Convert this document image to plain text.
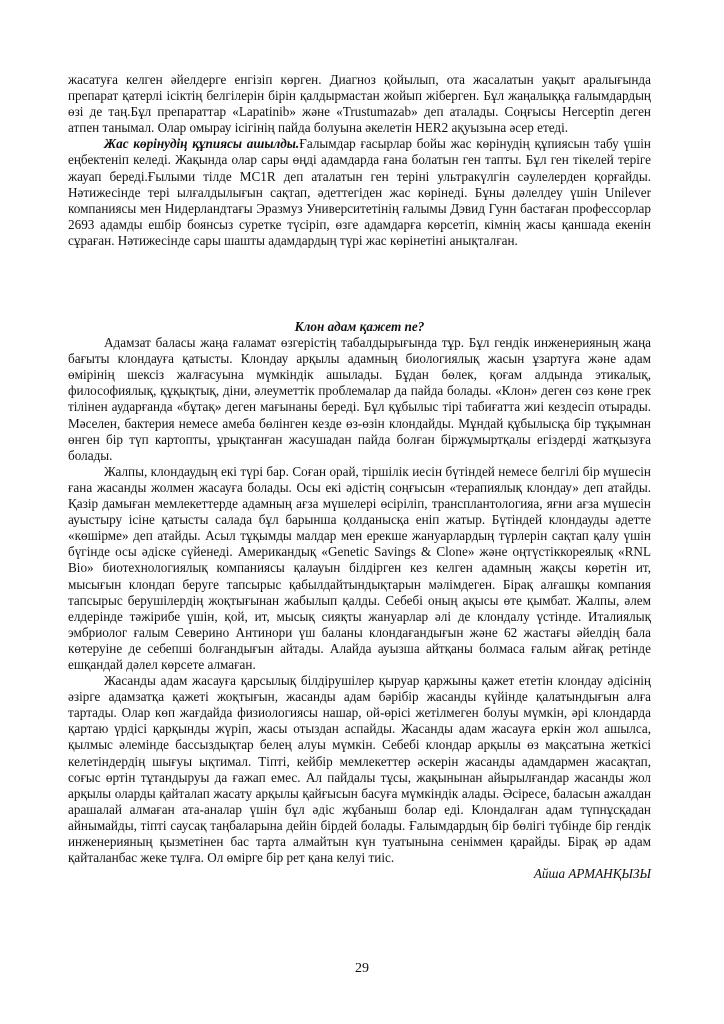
жасатуға келген әйелдерге енгізіп көрген. Диагноз қойылып, ота жасалатын уақыт аралығында препарат қатерлі ісіктің белгілерін бірін қалдырмастан жойып жіберген. Бұл жаңалыққа ғалымдардың өзі де таң.Бұл препараттар «Lapatinib» және «Trustumazab» деп аталады. Соңғысы Herceptin деген атпен танымал. Олар омырау ісігінің пайда болуына әкелетін HER2 ақуызына әсер етеді.

Жас көрінудің құпиясы ашылды.Ғалымдар ғасырлар бойы жас көрінудің құпиясын табу үшін еңбектеніп келеді. Жақында олар сары өңді адамдарда ғана болатын ген тапты. Бұл ген тікелей теріге жауап береді.Ғылыми тілде MC1R деп аталатын ген теріні ультракүлгін сәулелерден қорғайды. Нәтижесінде тері ылғалдылығын сақтап, әдеттегіден жас көрінеді. Бұны дәлелдеу үшін Unilever компаниясы мен Нидерландтағы Эразмуз Университетінің ғалымы Дэвид Гунн бастаған профессорлар 2693 адамды ешбір боянсыз суретке түсіріп, өзге адамдарға көрсетіп, кімнің жасы қаншада екенін сұраған. Нәтижесінде сары шашты адамдардың түрі жас көрінетіні анықталған.

Клон адам қажет пе?

Адамзат баласы жаңа ғаламат өзгерістің табалдырығында тұр. Бұл гендік инженерияның жаңа бағыты клондауға қатысты. Клондау арқылы адамның биологиялық жасын ұзартуға және адам өмірінің шексіз жалғасуына мүмкіндік ашылады. Бұдан бөлек, қоғам алдында этикалық, философиялық, құқықтық, діни, әлеуметтік проблемалар да пайда болады. «Клон» деген сөз көне грек тілінен аударғанда «бұтақ» деген мағынаны береді. Бұл құбылыс тірі табиғатта жиі кездесіп отырады. Мәселен, бактерия немесе амеба бөлінген кезде өз-өзін клондайды. Мұндай құбылысқа бір тұқымнан өнген бір түп картопты, ұрықтанған жасушадан пайда болған біржұмыртқалы егіздерді жатқызуға болады.

Жалпы, клондаудың екі түрі бар. Соған орай, тіршілік иесін бүтіндей немесе белгілі бір мүшесін ғана жасанды жолмен жасауға болады. Осы екі әдістің соңғысын «терапиялық клондау» деп атайды. Қазір дамыған мемлекеттерде адамның ағза мүшелері өсіріліп, трансплантологияа, яғни ағза мүшесін ауыстыру ісіне қатысты салада бұл барынша қолданысқа еніп жатыр. Бүтіндей клондауды әдетте «көшірме» деп атайды. Асыл тұқымды малдар мен ерекше жануарлардың түрлерін сақтап қалу үшін бүгінде осы әдіске сүйенеді. Американдық «Genetic Savings & Clone» және оңтүстіккореялық «RNL Bio» биотехнологиялық компаниясы қалауын білдірген кез келген адамның жақсы көретін ит, мысығын клондап беруге тапсырыс қабылдайтындықтарын мәлімдеген. Бірақ алғашқы компания тапсырыс берушілердің жоқтығынан жабылып қалды. Себебі оның ақысы өте қымбат. Жалпы, әлем елдерінде тәжірибе үшін, қой, ит, мысық сияқты жануарлар әлі де клондалу үстінде. Италиялық эмбриолог ғалым Северино Антинори үш баланы клондағандығын және 62 жастағы әйелдің бала көтеруіне де себепші болғандығын айтады. Алайда ауызша айтқаны болмаса ғалым айғақ ретінде ешқандай дәлел көрсете алмаған.

Жасанды адам жасауға қарсылық білдірушілер қыруар қаржыны қажет ететін клондау әдісінің әзірге адамзатқа қажеті жоқтығын, жасанды адам бәрібір жасанды күйінде қалатындығын алға тартады. Олар көп жағдайда физиологиясы нашар, ой-өрісі жетілмеген болуы мүмкін, әрі клондарда қартаю үрдісі қарқынды жүріп, жасы отыздан аспайды. Жасанды адам жасауға еркін жол ашылса, қылмыс әлемінде бассыздықтар белең алуы мүмкін. Себебі клондар арқылы өз мақсатына жеткісі келетіндердің шығуы ықтимал. Тіпті, кейбір мемлекеттер әскерін жасанды адамдармен жасақтап, соғыс өртін тұтандыруы да ғажап емес. Ал пайдалы тұсы, жақынынан айырылғандар жасанды жол арқылы оларды қайталап жасату арқылы қайғысын басуға мүмкіндік алады. Әсіресе, баласын ажалдан арашалай алмаған ата-аналар үшін бұл әдіс жұбаныш болар еді. Клондалған адам түпнұсқадан айнымайды, тіпті саусақ таңбаларына дейін бірдей болады. Ғалымдардың бір бөлігі түбінде бір гендік инженерияның қызметінен бас тарта алмайтын күн туатынына сеніммен қарайды. Бірақ әр адам қайталанбас жеке тұлға. Ол өмірге бір рет қана келуі тиіс.

Айша АРМАНҚЫЗЫ
29
